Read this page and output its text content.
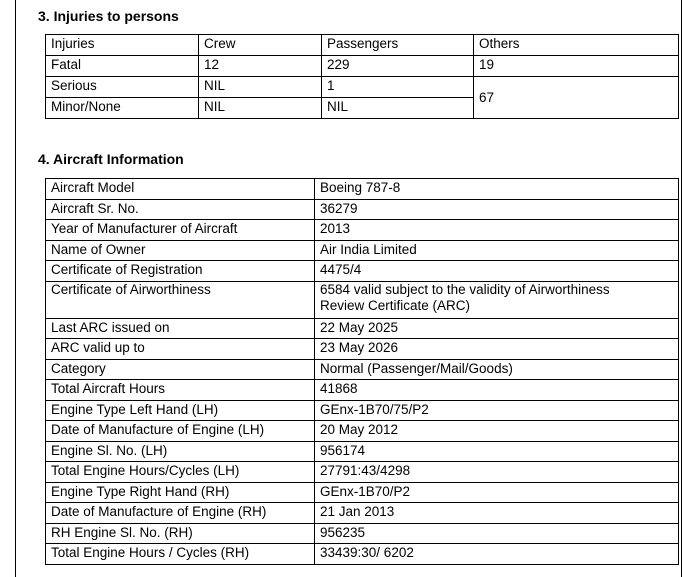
3. Injuries to persons
Injuries	Crew	Passengers	Others
Fatal	12	229	19
Serious	NIL	1	67
Minor/None	NIL	NIL	
4. Aircraft Information
Aircraft Model	Boeing 787-8
Aircraft Sr. No.	36279
Year of Manufacturer of Aircraft	2013
Name of Owner	Air India Limited
Certificate of Registration	4475/4
Certificate of Airworthiness	6584 valid subject to the validity of Airworthiness
Review Certificate (ARC)

Last ARC issued on	22 May 2025
ARC valid up to	23 May 2026
Category	Normal (Passenger/Mail/Goods)
Total Aircraft Hours	41868
Engine Type Left Hand (LH)	GEnx-1B70/75/P2
Date of Manufacture of Engine (LH)	20 May 2012
Engine Sl. No. (LH)	956174
Total Engine Hours/Cycles (LH)	27791:43/4298
Engine Type Right Hand (RH)	GEnx-1B70/P2
Date of Manufacture of Engine (RH)	21 Jan 2013
RH Engine Sl. No. (RH)	956235
Total Engine Hours / Cycles (RH)	33439:30/ 6202
